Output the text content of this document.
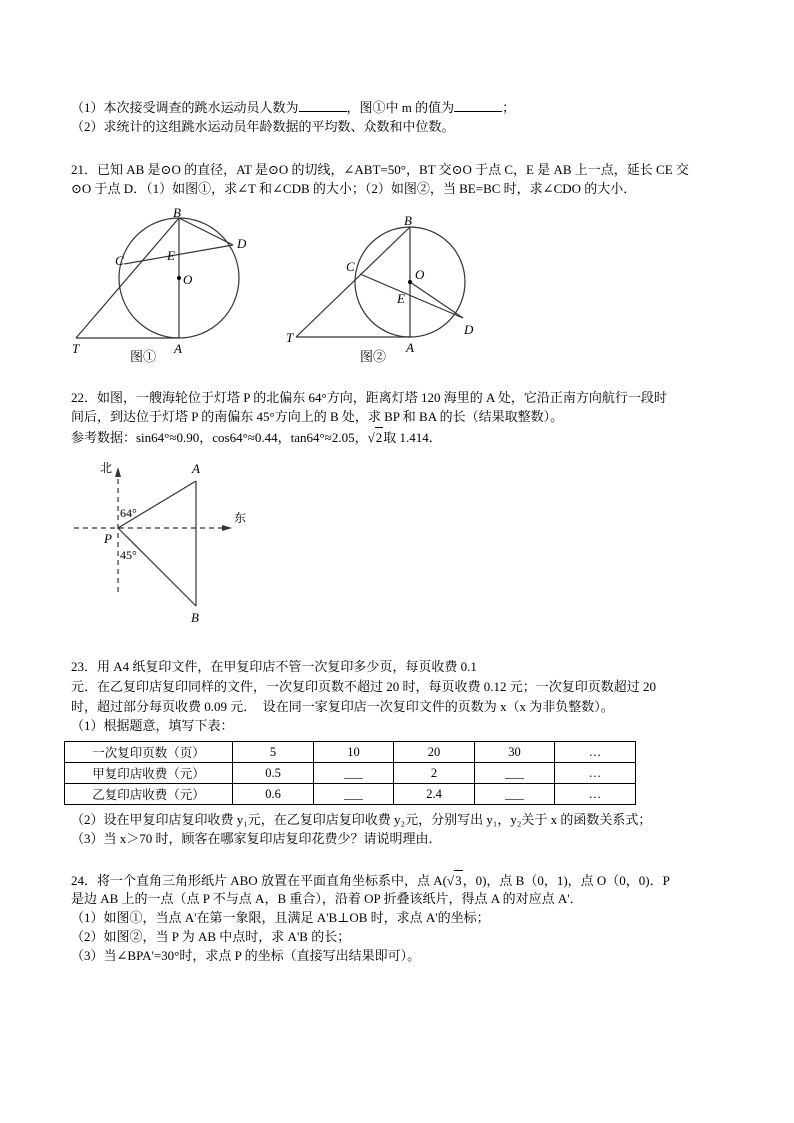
（1）本次接受调查的跳水运动员人数为	，图①中 m 的值为	；
（2）求统计的这组跳水运动员年龄数据的平均数、众数和中位数。
21．已知 AB 是⊙O 的直径，AT 是⊙O 的切线，∠ABT=50°，BT 交⊙O 于点 C，E 是 AB 上一点，延长 CE 交
⊙O 于点 D．（1）如图①，求∠T 和∠CDB 的大小；（2）如图②，当 BE=BC 时，求∠CDO 的大小．
B
C
D
E
O
T	A
图①
B
C
D
E
O
T
A
图②
22．如图，一艘海轮位于灯塔 P 的北偏东 64°方向，距离灯塔 120 海里的 A 处，它沿正南方向航行一段时
间后，到达位于灯塔 P 的南偏东 45°方向上的 B 处，求 BP 和 BA 的长（结果取整数）。
参考数据：sin64°≈0.90，cos64°≈0.44，tan64°≈2.05，√2取 1.414．
北
东
64°
45°
P
A
B
23．用 A4 纸复印文件，在甲复印店不管一次复印多少页，每页收费 0.1
元．在乙复印店复印同样的文件，一次复印页数不超过 20 时，每页收费 0.12 元；一次复印页数超过 20
时，超过部分每页收费 0.09 元．　设在同一家复印店一次复印文件的页数为 x（x 为非负整数）。
（1）根据题意，填写下表：
一次复印页数（页）	5	10	20	30	…
甲复印店收费（元）	0.5	___	2	___	…
乙复印店收费（元）	0.6	___	2.4	___	…
（2）设在甲复印店复印收费 y₁元，在乙复印店复印收费 y₂元，分别写出 y₁，y₂关于 x 的函数关系式；
（3）当 x＞70 时，顾客在哪家复印店复印花费少？请说明理由．
24．将一个直角三角形纸片 ABO 放置在平面直角坐标系中，点 A(√3，0)，点 B（0，1)，点 O（0，0)．P
是边 AB 上的一点（点 P 不与点 A，B 重合），沿着 OP 折叠该纸片，得点 A 的对应点 A'．
（1）如图①，当点 A'在第一象限，且满足 A'B⊥OB 时，求点 A'的坐标；
（2）如图②，当 P 为 AB 中点时，求 A'B 的长；
（3）当∠BPA'=30°时，求点 P 的坐标（直接写出结果即可）。
